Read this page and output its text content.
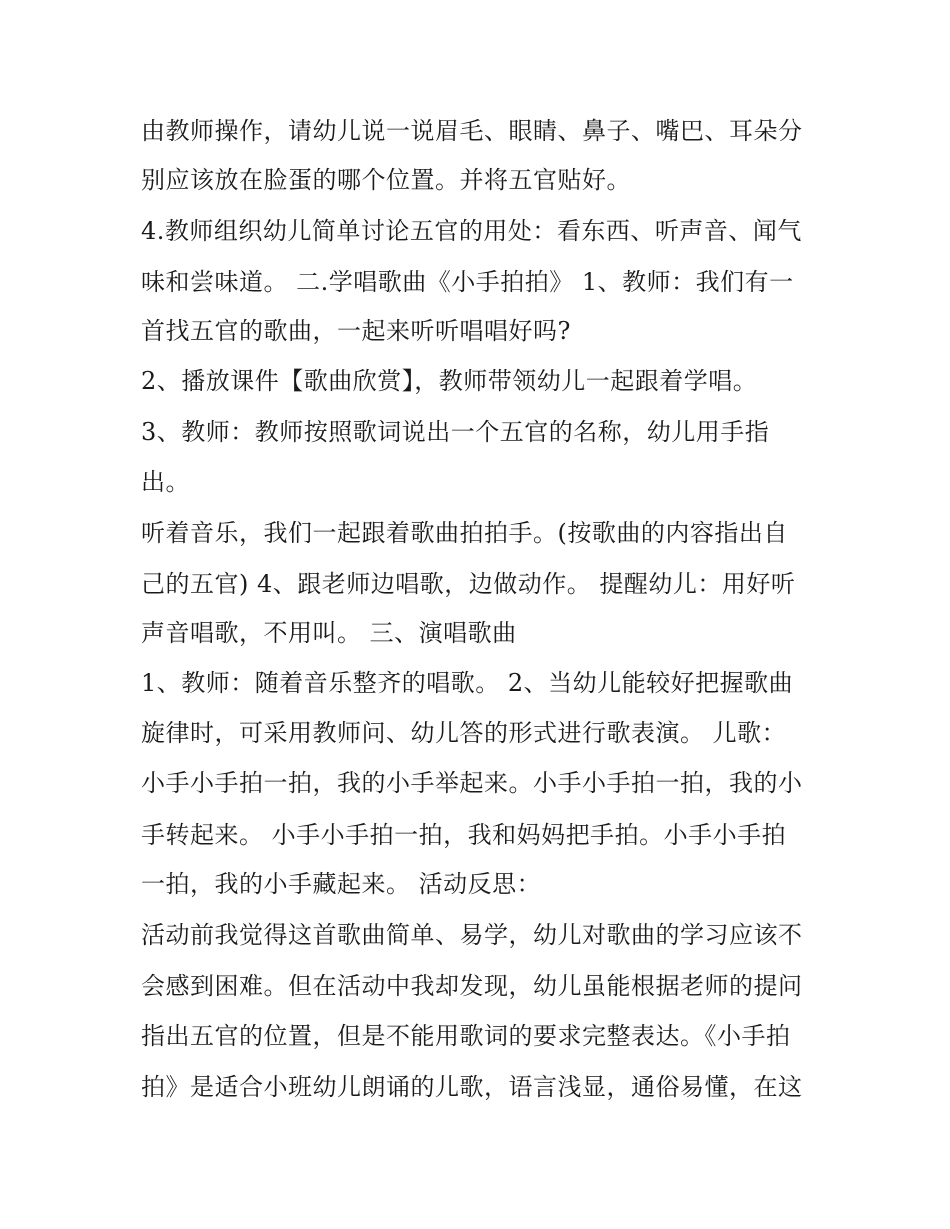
由教师操作，请幼儿说一说眉毛、眼睛、鼻子、嘴巴、耳朵分
别应该放在脸蛋的哪个位置。并将五官贴好。
4.教师组织幼儿简单讨论五官的用处：看东西、听声音、闻气
味和尝味道。 二.学唱歌曲《小手拍拍》 1、教师：我们有一
首找五官的歌曲，一起来听听唱唱好吗?
2、播放课件【歌曲欣赏】，教师带领幼儿一起跟着学唱。
3、教师：教师按照歌词说出一个五官的名称，幼儿用手指
出。
听着音乐，我们一起跟着歌曲拍拍手。(按歌曲的内容指出自
己的五官) 4、跟老师边唱歌，边做动作。 提醒幼儿：用好听
声音唱歌，不用叫。 三、演唱歌曲
1、教师：随着音乐整齐的唱歌。 2、当幼儿能较好把握歌曲
旋律时，可采用教师问、幼儿答的形式进行歌表演。 儿歌：
小手小手拍一拍，我的小手举起来。小手小手拍一拍，我的小
手转起来。 小手小手拍一拍，我和妈妈把手拍。小手小手拍
一拍，我的小手藏起来。 活动反思：
活动前我觉得这首歌曲简单、易学，幼儿对歌曲的学习应该不
会感到困难。但在活动中我却发现，幼儿虽能根据老师的提问
指出五官的位置，但是不能用歌词的要求完整表达。《小手拍
拍》是适合小班幼儿朗诵的儿歌，语言浅显，通俗易懂，在这
